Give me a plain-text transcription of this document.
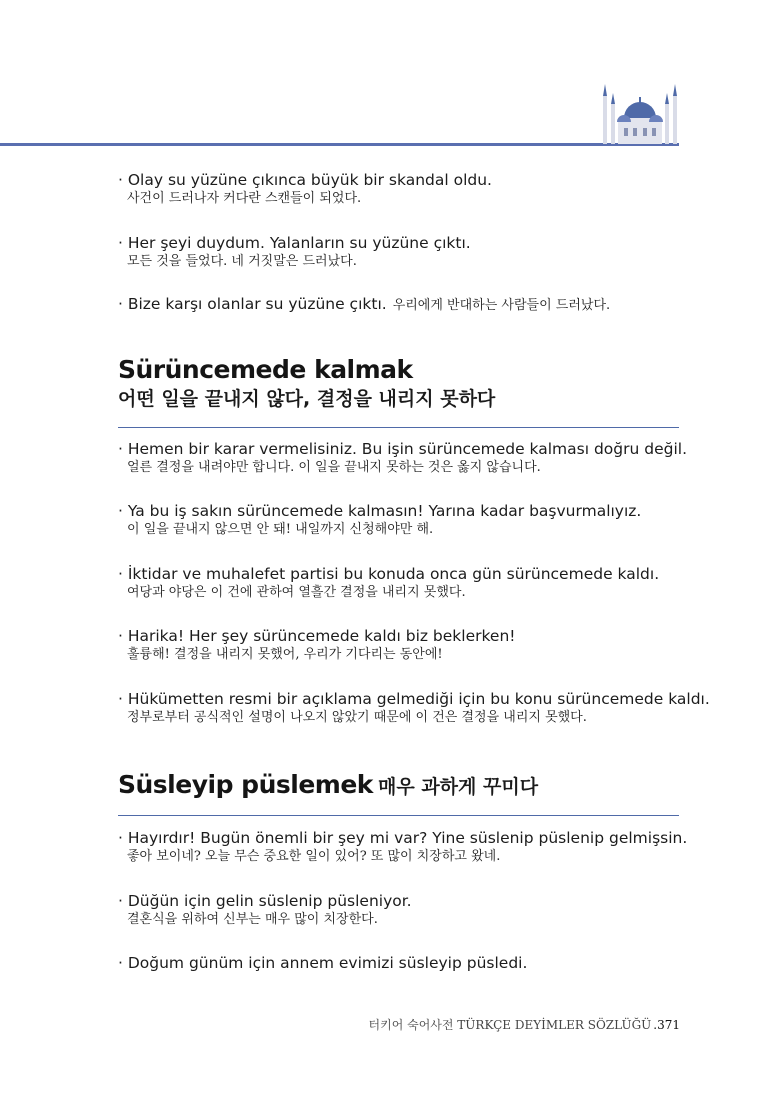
· Olay su yüzüne çıkınca büyük bir skandal oldu.
사건이 드러나자 커다란 스캔들이 되었다.
· Her şeyi duydum. Yalanların su yüzüne çıktı.
모든 것을 들었다. 네 거짓말은 드러났다.
· Bize karşı olanlar su yüzüne çıktı. 우리에게 반대하는 사람들이 드러났다.
Sürüncemede kalmak
어떤 일을 끝내지 않다, 결정을 내리지 못하다
· Hemen bir karar vermelisiniz. Bu işin sürüncemede kalması doğru değil.
얼른 결정을 내려야만 합니다. 이 일을 끝내지 못하는 것은 옳지 않습니다.
· Ya bu iş sakın sürüncemede kalmasın! Yarına kadar başvurmalıyız.
이 일을 끝내지 않으면 안 돼! 내일까지 신청해야만 해.
· İktidar ve muhalefet partisi bu konuda onca gün sürüncemede kaldı.
여당과 야당은 이 건에 관하여 열흘간 결정을 내리지 못했다.
· Harika! Her şey sürüncemede kaldı biz beklerken!
훌륭해! 결정을 내리지 못했어, 우리가 기다리는 동안에!
· Hükümetten resmi bir açıklama gelmediği için bu konu sürüncemede kaldı.
정부로부터 공식적인 설명이 나오지 않았기 때문에 이 건은 결정을 내리지 못했다.
Süsleyip püslemek 매우 과하게 꾸미다
· Hayırdır! Bugün önemli bir şey mi var? Yine süslenip püslenip gelmişsin.
좋아 보이네? 오늘 무슨 중요한 일이 있어? 또 많이 치장하고 왔네.
· Düğün için gelin süslenip püsleniyor.
결혼식을 위하여 신부는 매우 많이 치장한다.
· Doğum günüm için annem evimizi süsleyip püsledi.
터키어 숙어사전 TÜRKÇE DEYİMLER SÖZLÜĞÜ .371
